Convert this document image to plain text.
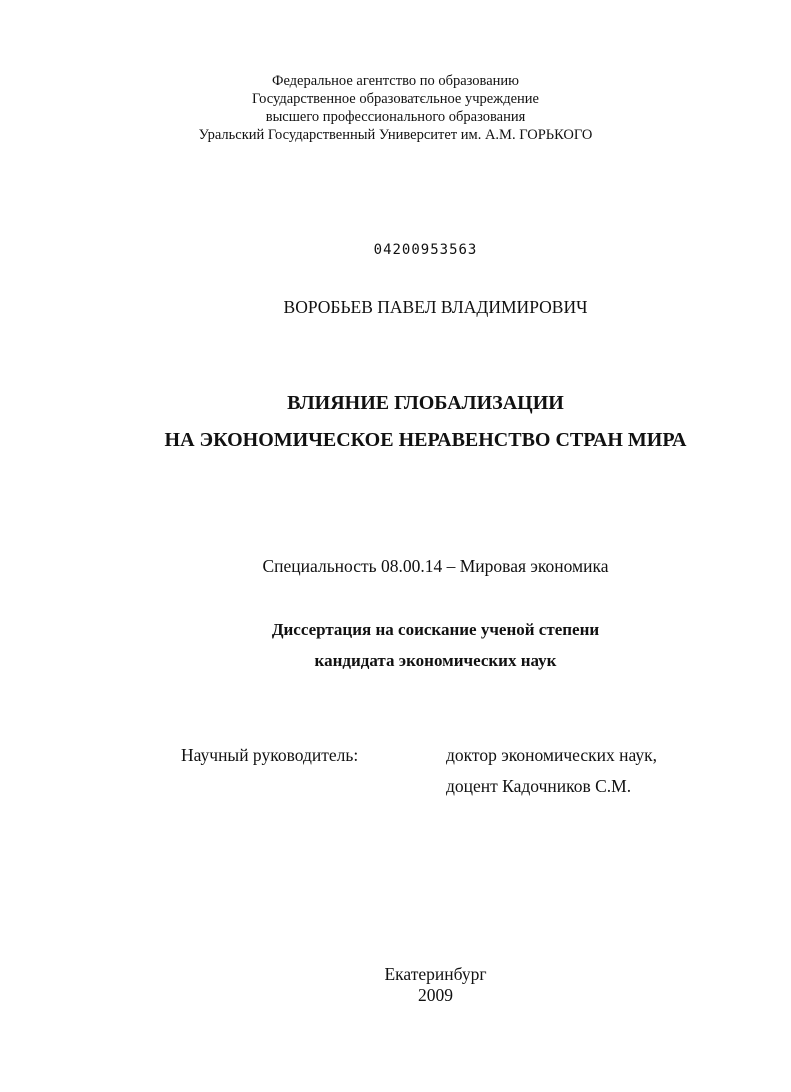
Федеральное агентство по образованию
Государственное образоватєльное учреждение
высшего профессионального образования
Уральский Государственный Университет им. А.М. ГОРЬКОГО
04200953563
ВОРОБЬЕВ ПАВЕЛ ВЛАДИМИРОВИЧ
ВЛИЯНИЕ ГЛОБАЛИЗАЦИИ
НА ЭКОНОМИЧЕСКОЕ НЕРАВЕНСТВО СТРАН МИРА
Специальность 08.00.14 – Мировая экономика
Диссертация на соискание ученой степени
кандидата экономических наук
Научный руководитель:	доктор экономических наук,
доцент Кадочников С.М.
Екатеринбург
2009
